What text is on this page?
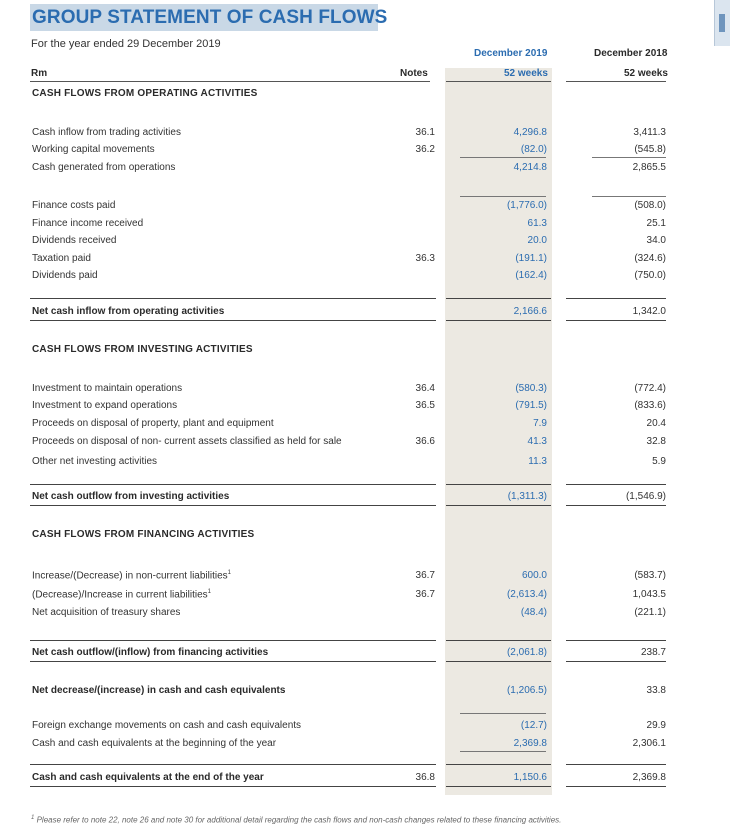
GROUP STATEMENT OF CASH FLOWS
For the year ended 29 December 2019
December 2019	December 2018
Rm	Notes	52 weeks	52 weeks
CASH FLOWS FROM OPERATING ACTIVITIES
Cash inflow from trading activities	36.1	4,296.8	3,411.3
Working capital movements	36.2	(82.0)	(545.8)
Cash generated from operations	4,214.8	2,865.5
Finance costs paid	(1,776.0)	(508.0)
Finance income received	61.3	25.1
Dividends received	20.0	34.0
Taxation paid	36.3	(191.1)	(324.6)
Dividends paid	(162.4)	(750.0)
Net cash inflow from operating activities	2,166.6	1,342.0
CASH FLOWS FROM INVESTING ACTIVITIES
Investment to maintain operations	36.4	(580.3)	(772.4)
Investment to expand operations	36.5	(791.5)	(833.6)
Proceeds on disposal of property, plant and equipment	7.9	20.4
Proceeds on disposal of non- current assets classified as held for sale	36.6	41.3	32.8
Other net investing activities	11.3	5.9
Net cash outflow from investing activities	(1,311.3)	(1,546.9)
CASH FLOWS FROM FINANCING ACTIVITIES
Increase/(Decrease) in non-current liabilities$^1$	36.7	600.0	(583.7)
(Decrease)/Increase in current liabilities$^1$	36.7	(2,613.4)	1,043.5
Net acquisition of treasury shares	(48.4)	(221.1)
Net cash outflow/(inflow) from financing activities	(2,061.8)	238.7
Net decrease/(increase) in cash and cash equivalents	(1,206.5)	33.8
Foreign exchange movements on cash and cash equivalents	(12.7)	29.9
Cash and cash equivalents at the beginning of the year	2,369.8	2,306.1
Cash and cash equivalents at the end of the year	36.8	1,150.6	2,369.8
$^1$ Please refer to note 22, note 26 and note 30 for additional detail regarding the cash flows and non-cash changes related to these financing activities.
